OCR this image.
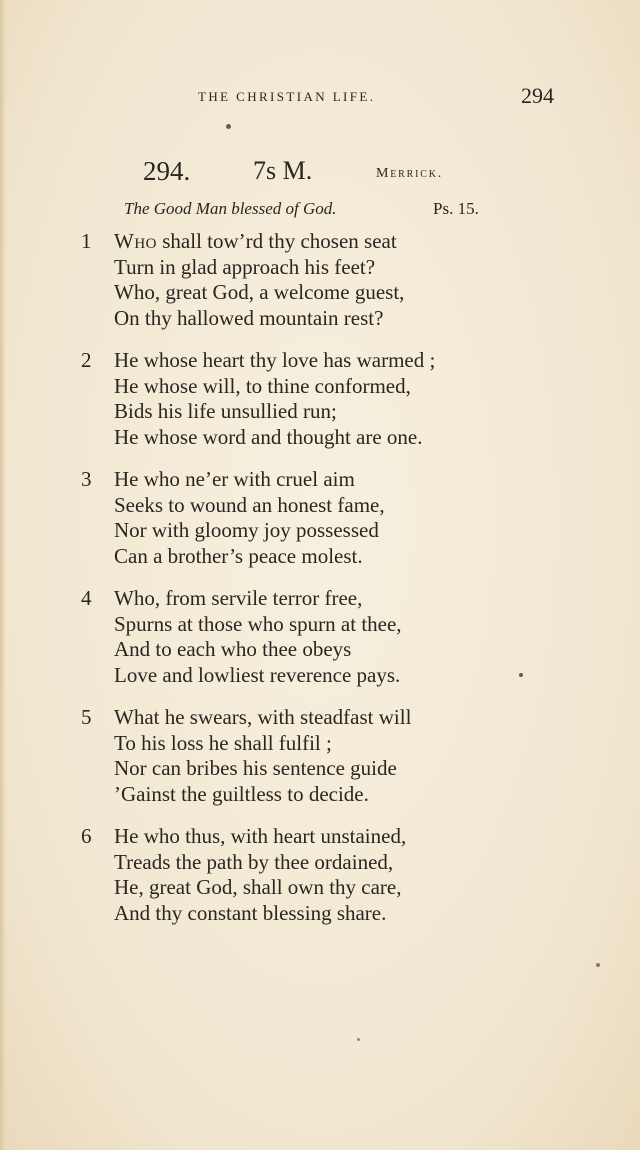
THE CHRISTIAN LIFE.	294
294. 7s M.	Merrick.
The Good Man blessed of God.	Ps. 15.
1 Who shall tow’rd thy chosen seat
Turn in glad approach his feet?
Who, great God, a welcome guest,
On thy hallowed mountain rest?
2 He whose heart thy love has warmed ;
He whose will, to thine conformed,
Bids his life unsullied run;
He whose word and thought are one.
3 He who ne’er with cruel aim
Seeks to wound an honest fame,
Nor with gloomy joy possessed
Can a brother’s peace molest.
4 Who, from servile terror free,
Spurns at those who spurn at thee,
And to each who thee obeys
Love and lowliest reverence pays.
5 What he swears, with steadfast will
To his loss he shall fulfil ;
Nor can bribes his sentence guide
’Gainst the guiltless to decide.
6 He who thus, with heart unstained,
Treads the path by thee ordained,
He, great God, shall own thy care,
And thy constant blessing share.
